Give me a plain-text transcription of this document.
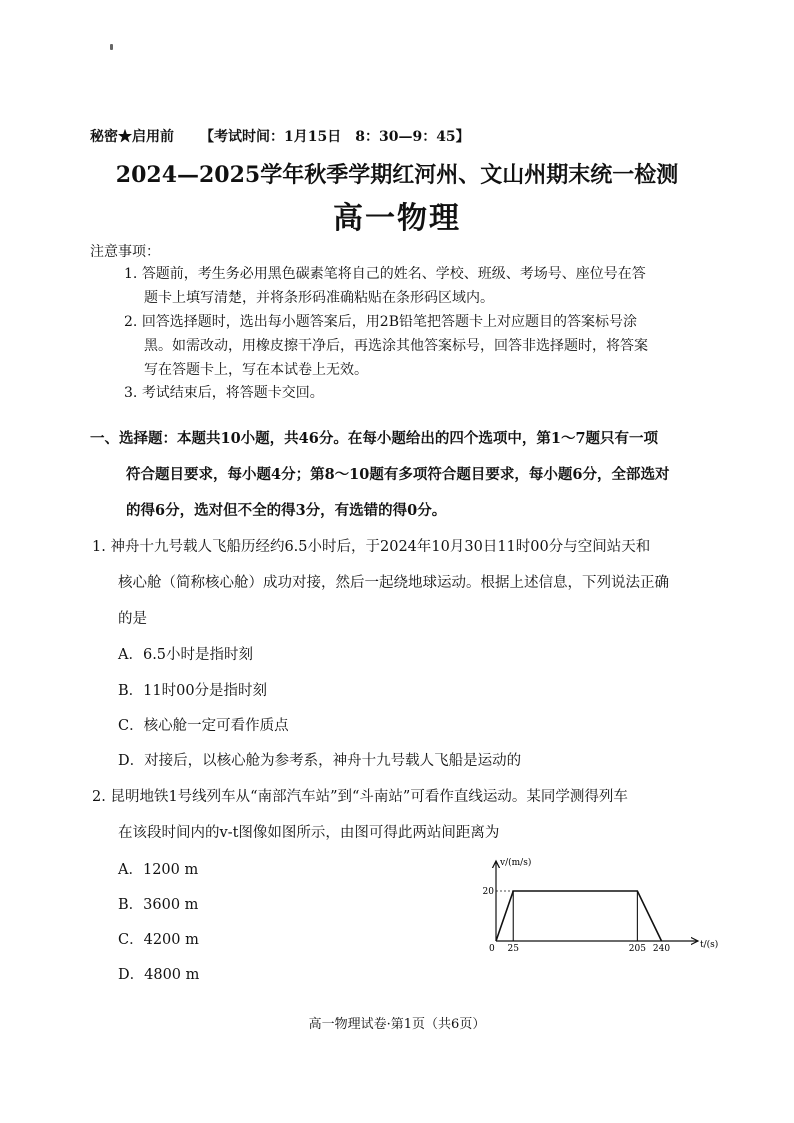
秘密★启用前 【考试时间：1月15日　8：30—9：45】
2024—2025学年秋季学期红河州、文山州期末统一检测
高一物理
注意事项：
1. 答题前，考生务必用黑色碳素笔将自己的姓名、学校、班级、考场号、座位号在答
题卡上填写清楚，并将条形码准确粘贴在条形码区域内。
2. 回答选择题时，选出每小题答案后，用2B铅笔把答题卡上对应题目的答案标号涂
黑。如需改动，用橡皮擦干净后，再选涂其他答案标号，回答非选择题时，将答案
写在答题卡上，写在本试卷上无效。
3. 考试结束后，将答题卡交回。
一、选择题：本题共10小题，共46分。在每小题给出的四个选项中，第1～7题只有一项
符合题目要求，每小题4分；第8～10题有多项符合题目要求，每小题6分，全部选对
的得6分，选对但不全的得3分，有选错的得0分。
1. 神舟十九号载人飞船历经约6.5小时后，于2024年10月30日11时00分与空间站天和
核心舱（简称核心舱）成功对接，然后一起绕地球运动。根据上述信息，下列说法正确
的是
A．6.5小时是指时刻
B．11时00分是指时刻
C．核心舱一定可看作质点
D．对接后，以核心舱为参考系，神舟十九号载人飞船是运动的
2. 昆明地铁1号线列车从“南部汽车站”到“斗南站”可看作直线运动。某同学测得列车
在该段时间内的v-t图像如图所示，由图可得此两站间距离为
A．1200 m
B．3600 m
C．4200 m
D．4800 m
v/(m/s)
t/(s)
0 25	205 240
20
高一物理试卷·第1页（共6页）
